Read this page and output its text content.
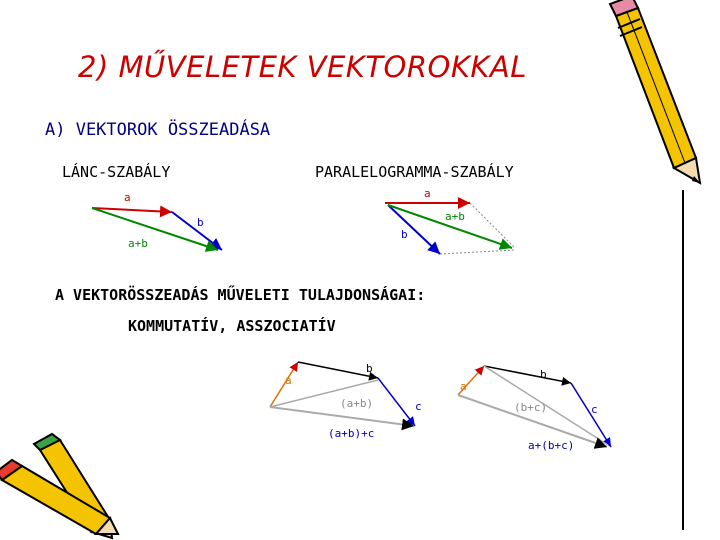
2) MŰVELETEK VEKTOROKKAL
A) VEKTOROK ÖSSZEADÁSA
LÁNC-SZABÁLY	PARALELOGRAMMA-SZABÁLY
A VEKTORÖSSZEADÁS MŰVELETI TULAJDONSÁGAI:
KOMMUTATÍV, ASSZOCIATÍV
a
b
a+b
a
b
a+b
a
b
c
(a+b)
(a+b)+c
a
b
c
(b+c)
a+(b+c)
